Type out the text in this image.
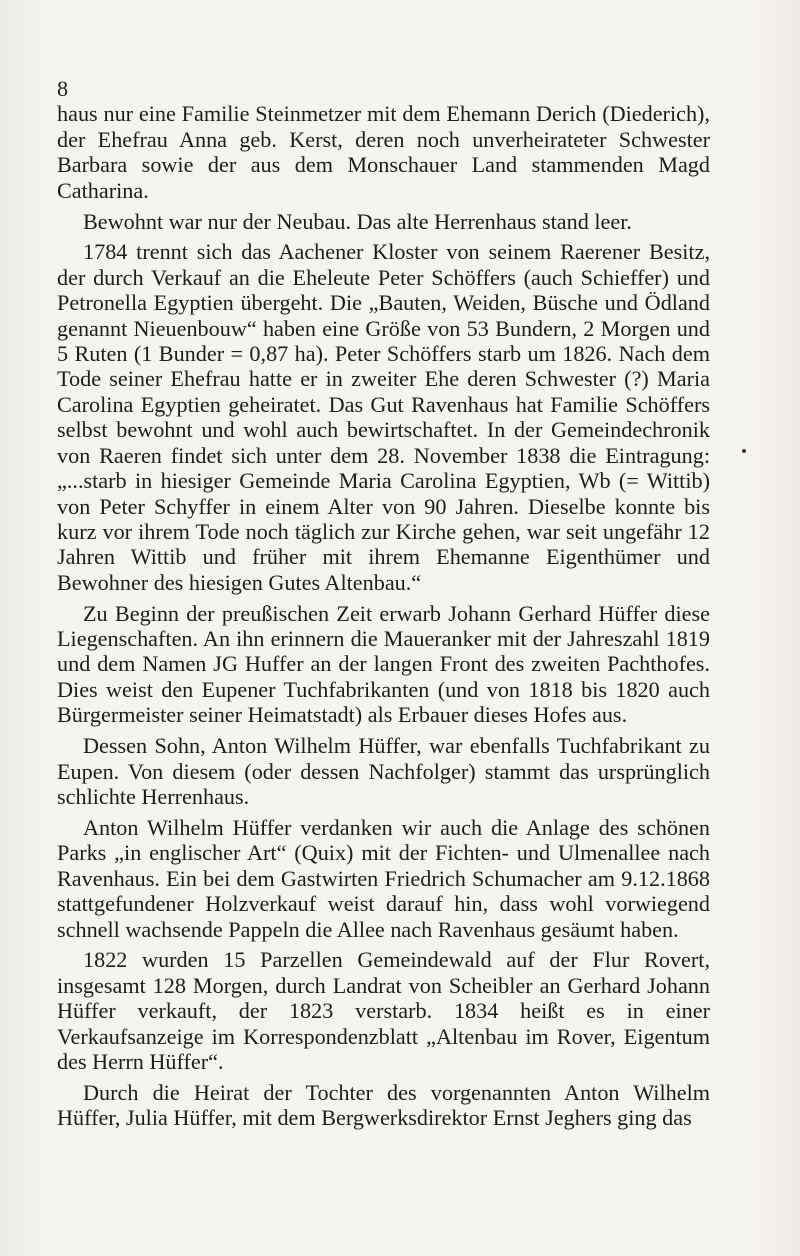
8

haus nur eine Familie Steinmetzer mit dem Ehemann Derich (Diederich), der Ehefrau Anna geb. Kerst, deren noch unverheirateter Schwester Barbara sowie der aus dem Monschauer Land stammenden Magd Catharina.

Bewohnt war nur der Neubau. Das alte Herrenhaus stand leer.

1784 trennt sich das Aachener Kloster von seinem Raerener Besitz, der durch Verkauf an die Eheleute Peter Schöffers (auch Schieffer) und Petronella Egyptien übergeht. Die „Bauten, Weiden, Büsche und Ödland genannt Nieuenbouw“ haben eine Größe von 53 Bundern, 2 Morgen und 5 Ruten (1 Bunder = 0,87 ha). Peter Schöffers starb um 1826. Nach dem Tode seiner Ehefrau hatte er in zweiter Ehe deren Schwester (?) Maria Carolina Egyptien geheiratet. Das Gut Ravenhaus hat Familie Schöffers selbst bewohnt und wohl auch bewirtschaftet. In der Gemeindechronik von Raeren findet sich unter dem 28. November 1838 die Eintragung: „...starb in hiesiger Gemeinde Maria Carolina Egyptien, Wb (= Wittib) von Peter Schyffer in einem Alter von 90 Jahren. Dieselbe konnte bis kurz vor ihrem Tode noch täglich zur Kirche gehen, war seit ungefähr 12 Jahren Wittib und früher mit ihrem Ehemanne Eigenthümer und Bewohner des hiesigen Gutes Altenbau.“

Zu Beginn der preußischen Zeit erwarb Johann Gerhard Hüffer diese Liegenschaften. An ihn erinnern die Maueranker mit der Jahreszahl 1819 und dem Namen JG Huffer an der langen Front des zweiten Pachthofes. Dies weist den Eupener Tuchfabrikanten (und von 1818 bis 1820 auch Bürgermeister seiner Heimatstadt) als Erbauer dieses Hofes aus.

Dessen Sohn, Anton Wilhelm Hüffer, war ebenfalls Tuchfabrikant zu Eupen. Von diesem (oder dessen Nachfolger) stammt das ursprünglich schlichte Herrenhaus.

Anton Wilhelm Hüffer verdanken wir auch die Anlage des schönen Parks „in englischer Art“ (Quix) mit der Fichten- und Ulmenallee nach Ravenhaus. Ein bei dem Gastwirten Friedrich Schumacher am 9.12.1868 stattgefundener Holzverkauf weist darauf hin, dass wohl vorwiegend schnell wachsende Pappeln die Allee nach Ravenhaus gesäumt haben.

1822 wurden 15 Parzellen Gemeindewald auf der Flur Rovert, insgesamt 128 Morgen, durch Landrat von Scheibler an Gerhard Johann Hüffer verkauft, der 1823 verstarb. 1834 heißt es in einer Verkaufsanzeige im Korrespondenzblatt „Altenbau im Rover, Eigentum des Herrn Hüffer“.

Durch die Heirat der Tochter des vorgenannten Anton Wilhelm Hüffer, Julia Hüffer, mit dem Bergwerksdirektor Ernst Jeghers ging das
